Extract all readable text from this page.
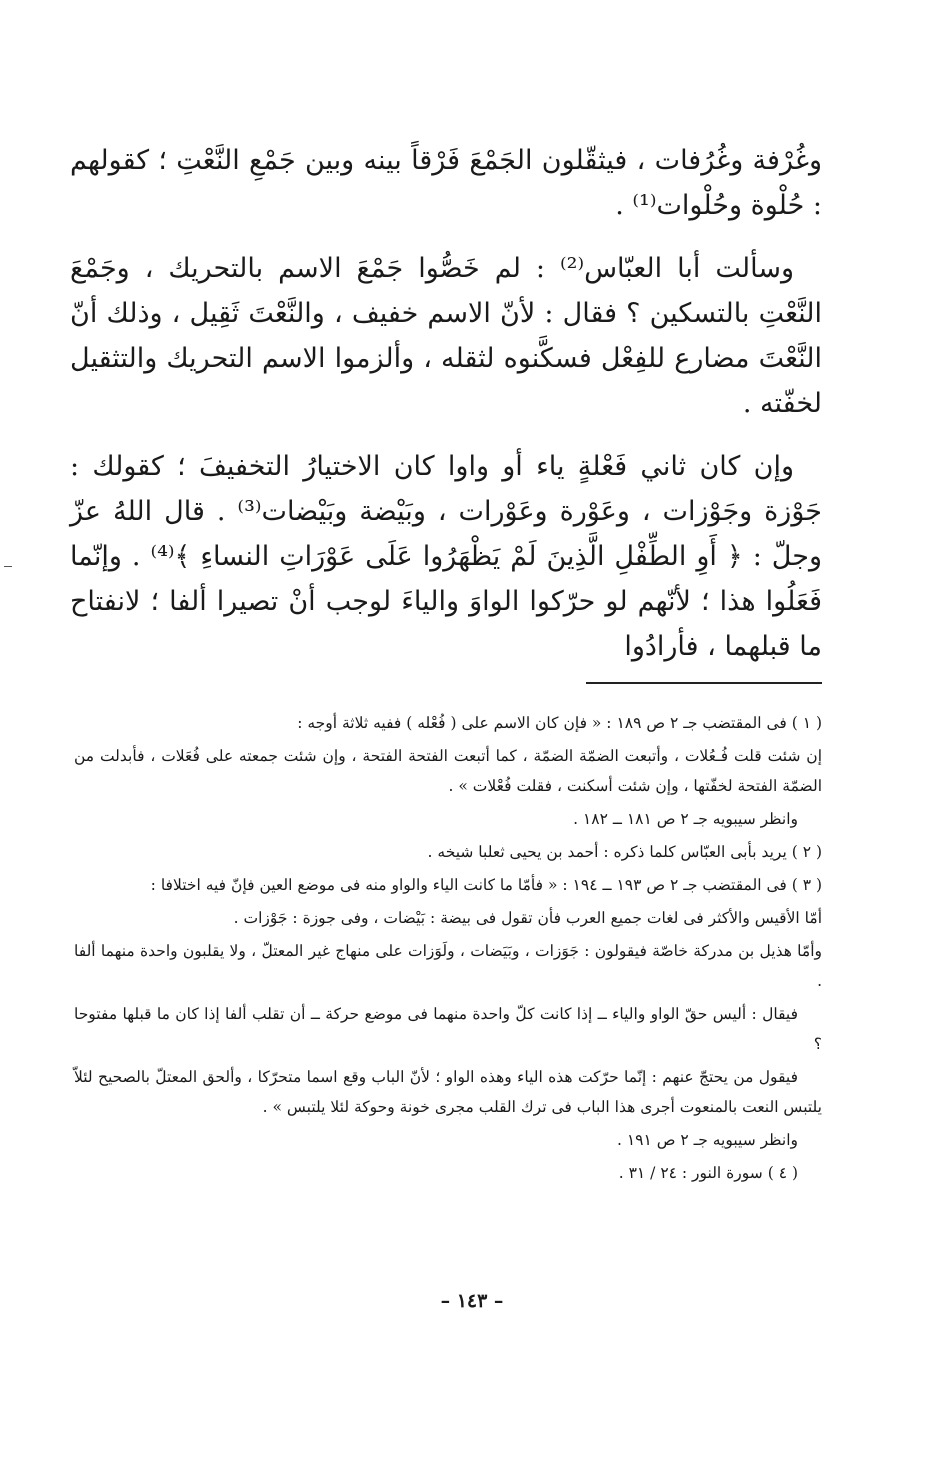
وغُرْفة وغُرُفات ، فيثقّلون الجَمْعَ فَرْقاً بينه وبين جَمْعِ النَّعْتِ ؛ كقولهم : حُلْوة وحُلْوات⁽¹⁾ .

وسألت أبا العبّاس⁽²⁾ : لم خَصُّوا جَمْعَ الاسم بالتحريك ، وجَمْعَ النَّعْتِ بالتسكين ؟ فقال : لأنّ الاسم خفيف ، والنَّعْتَ ثَقِيل ، وذلك أنّ النَّعْتَ مضارع للفِعْل فسكَّنوه لثقله ، وألزموا الاسم التحريك والتثقيل لخفّته .

وإن كان ثاني فَعْلةٍ ياء أو واوا كان الاختيارُ التخفيفَ ؛ كقولك : جَوْزة وجَوْزات ، وعَوْرة وعَوْرات ، وبَيْضة وبَيْضات⁽³⁾ . قال اللهُ عزّ وجلّ : ﴿ أَوِ الطِّفْلِ الَّذِينَ لَمْ يَظْهَرُوا عَلَى عَوْرَاتِ النساءِ ﴾⁽⁴⁾ . وإنّما فَعَلُوا هذا ؛ لأنّهم لو حرّكوا الواوَ والياءَ لوجب أنْ تصيرا ألفا ؛ لانفتاح ما قبلهما ، فأرادُوا

( ١ ) فى المقتضب جـ ٢ ص ١٨٩ : « فإن كان الاسم على ( فُعْله ) ففيه ثلاثة أوجه :

إن شئت قلت فُـعُلات ، وأتبعت الضمّة الضمّة ، كما أتبعت الفتحة الفتحة ، وإن شئت جمعته على فُعَلات ، فأبدلت من الضمّة الفتحة لخفّتها ، وإن شئت أسكنت ، فقلت فُعْلات » .

وانظر سيبويه جـ ٢ ص ١٨١ ــ ١٨٢ .

( ٢ ) يريد بأبى العبّاس كلما ذكره : أحمد بن يحيى ثعلبا شيخه .

( ٣ ) فى المقتضب جـ ٢ ص ١٩٣ ــ ١٩٤ : « فأمّا ما كانت الياء والواو منه فى موضع العين فإنّ فيه اختلافا :

أمّا الأقيس والأكثر فى لغات جميع العرب فأن تقول فى بيضة : بَيْضات ، وفى جوزة : جَوْزات .

وأمّا هذيل بن مدركة خاصّة فيقولون : جَوَزات ، وبَيَضات ، ولَوَزات على منهاج غير المعتلّ ، ولا يقلبون واحدة منهما ألفا .

فيقال : أليس حقّ الواو والياء ــ إذا كانت كلّ واحدة منهما فى موضع حركة ــ أن تقلب ألفا إذا كان ما قبلها مفتوحا ؟

فيقول من يحتجّ عنهم : إنّما حرّكت هذه الياء وهذه الواو ؛ لأنّ الباب وقع اسما متحرّكا ، وألحق المعتلّ بالصحيح لئلاّ يلتبس النعت بالمنعوت أجرى هذا الباب فى ترك القلب مجرى خونة وحوكة لئلا يلتبس » .

وانظر سيبويه جـ ٢ ص ١٩١ .

( ٤ ) سورة النور : ٢٤ / ٣١ .

– ١٤٣ –
